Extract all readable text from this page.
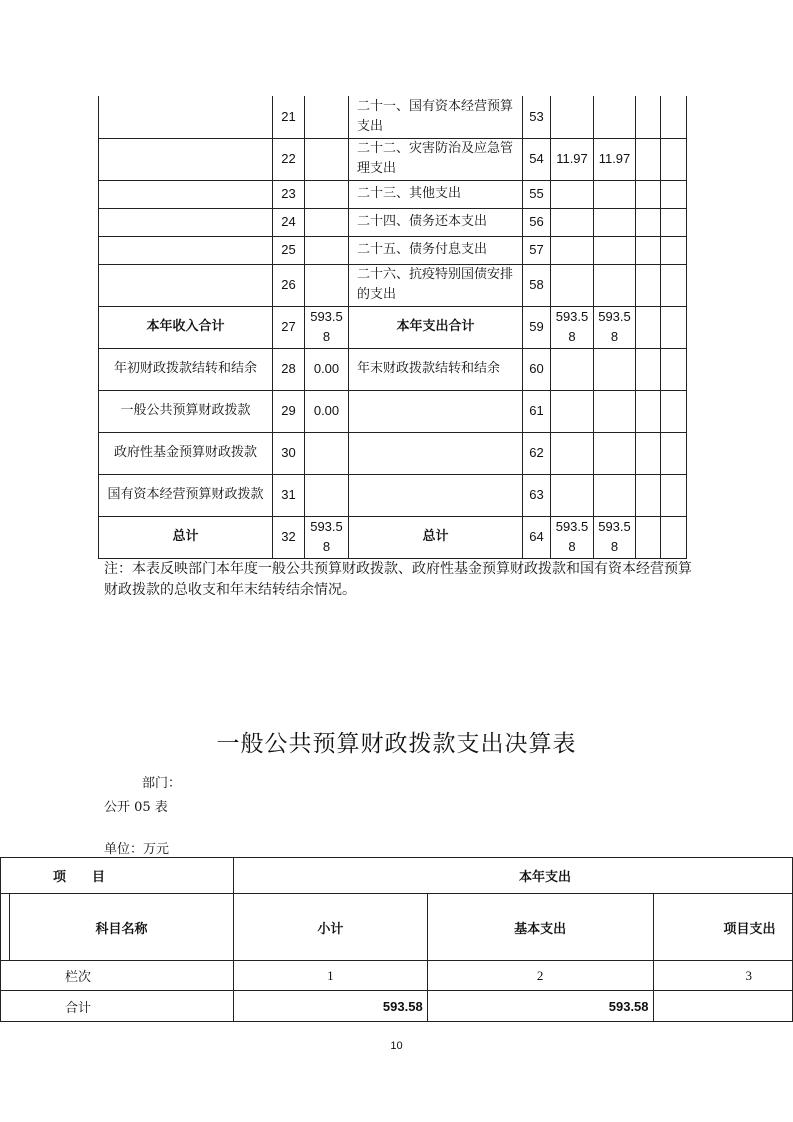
	21		二十一、国有资本经营预算支出	53				
	22		二十二、灾害防治及应急管理支出	54	11.97	11.97		
	23		二十三、其他支出	55				
	24		二十四、债务还本支出	56				
	25		二十五、债务付息支出	57				
	26		二十六、抗疫特别国债安排的支出	58				
本年收入合计	27	593.58	本年支出合计	59	593.58	593.58		
年初财政拨款结转和结余	28	0.00	年末财政拨款结转和结余	60				
一般公共预算财政拨款	29	0.00		61				
政府性基金预算财政拨款	30			62				
国有资本经营预算财政拨款	31			63				
总计	32	593.58	总计	64	593.58	593.58		
注：本表反映部门本年度一般公共预算财政拨款、政府性基金预算财政拨款和国有资本经营预算财政拨款的总收支和年末结转结余情况。
一般公共预算财政拨款支出决算表
部门：
公开 05 表
单位：万元
项　　目		本年支出		
	科目名称	小计	基本支出	项目支出
栏次		1	2	3
合计		593.58	593.58	
10
